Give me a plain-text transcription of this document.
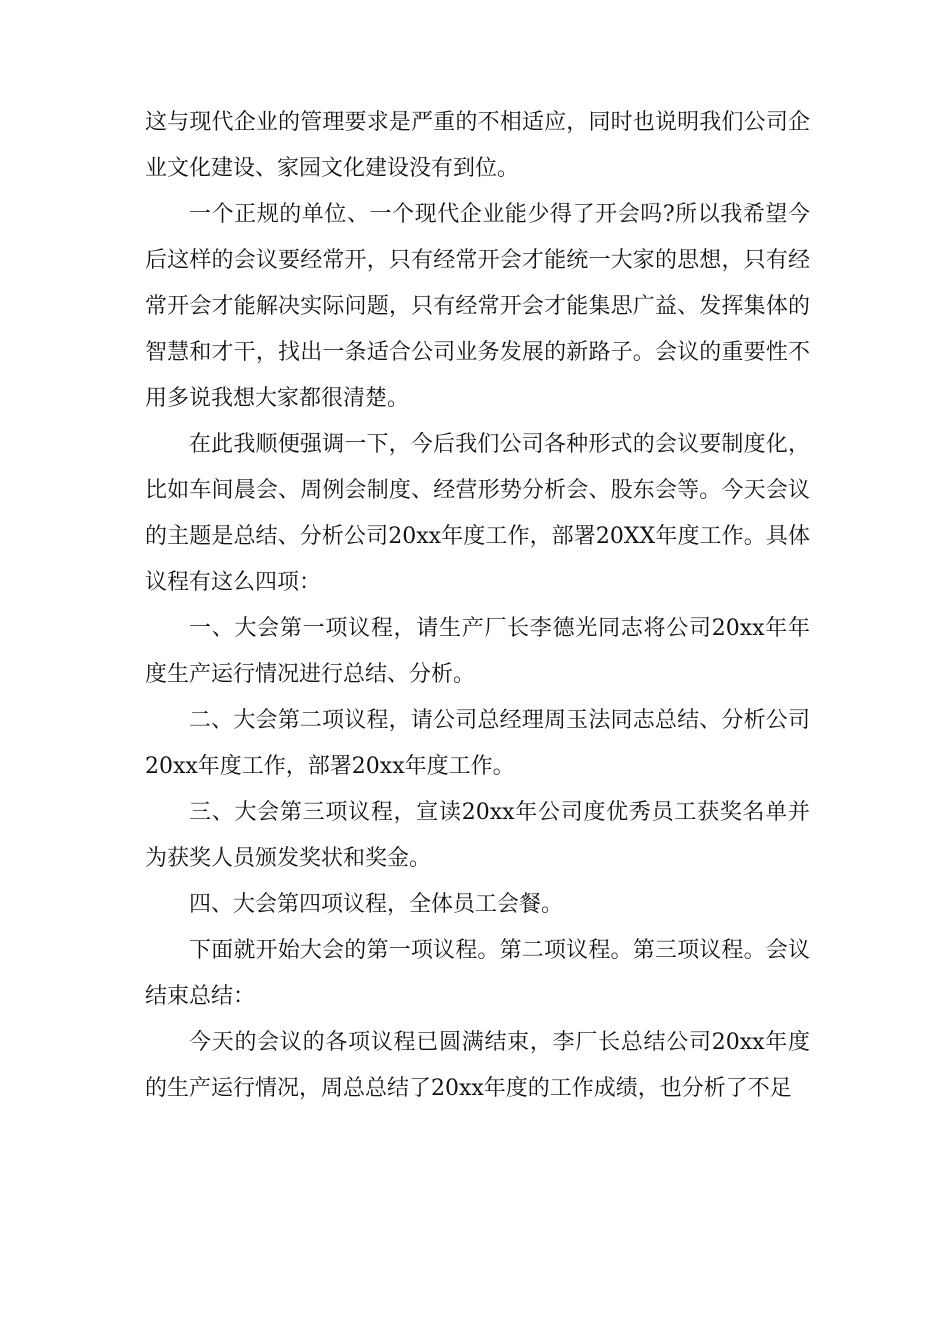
这与现代企业的管理要求是严重的不相适应，同时也说明我们公司企业文化建设、家园文化建设没有到位。

一个正规的单位、一个现代企业能少得了开会吗?所以我希望今后这样的会议要经常开，只有经常开会才能统一大家的思想，只有经常开会才能解决实际问题，只有经常开会才能集思广益、发挥集体的智慧和才干，找出一条适合公司业务发展的新路子。会议的重要性不用多说我想大家都很清楚。

在此我顺便强调一下，今后我们公司各种形式的会议要制度化，比如车间晨会、周例会制度、经营形势分析会、股东会等。今天会议的主题是总结、分析公司20xx年度工作，部署20XX年度工作。具体议程有这么四项：

一、大会第一项议程，请生产厂长李德光同志将公司20xx年年度生产运行情况进行总结、分析。

二、大会第二项议程，请公司总经理周玉法同志总结、分析公司20xx年度工作，部署20xx年度工作。

三、大会第三项议程，宣读20xx年公司度优秀员工获奖名单并为获奖人员颁发奖状和奖金。

四、大会第四项议程，全体员工会餐。

下面就开始大会的第一项议程。第二项议程。第三项议程。会议结束总结：

今天的会议的各项议程已圆满结束，李厂长总结公司20xx年度的生产运行情况，周总总结了20xx年度的工作成绩，也分析了不足
